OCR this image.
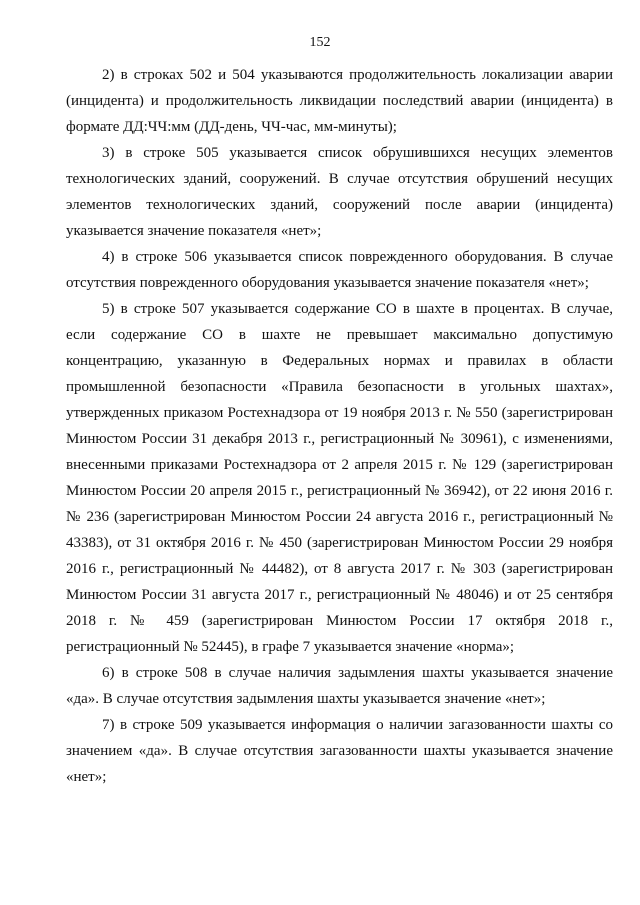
152

2) в строках 502 и 504 указываются продолжительность локализации аварии (инцидента) и продолжительность ликвидации последствий аварии (инцидента) в формате ДД:ЧЧ:мм (ДД-день, ЧЧ-час, мм-минуты);

3) в строке 505 указывается список обрушившихся несущих элементов технологических зданий, сооружений. В случае отсутствия обрушений несущих элементов технологических зданий, сооружений после аварии (инцидента) указывается значение показателя «нет»;

4) в строке 506 указывается список поврежденного оборудования. В случае отсутствия поврежденного оборудования указывается значение показателя «нет»;

5) в строке 507 указывается содержание СО в шахте в процентах. В случае, если содержание СО в шахте не превышает максимально допустимую концентрацию, указанную в Федеральных нормах и правилах в области промышленной безопасности «Правила безопасности в угольных шахтах», утвержденных приказом Ростехнадзора от 19 ноября 2013 г. № 550 (зарегистрирован Минюстом России 31 декабря 2013 г., регистрационный № 30961), с изменениями, внесенными приказами Ростехнадзора от 2 апреля 2015 г. № 129 (зарегистрирован Минюстом России 20 апреля 2015 г., регистрационный № 36942), от 22 июня 2016 г. № 236 (зарегистрирован Минюстом России 24 августа 2016 г., регистрационный № 43383), от 31 октября 2016 г. № 450 (зарегистрирован Минюстом России 29 ноября 2016 г., регистрационный № 44482), от 8 августа 2017 г. № 303 (зарегистрирован Минюстом России 31 августа 2017 г., регистрационный № 48046) и от 25 сентября 2018 г. № 459 (зарегистрирован Минюстом России 17 октября 2018 г., регистрационный № 52445), в графе 7 указывается значение «норма»;

6) в строке 508 в случае наличия задымления шахты указывается значение «да». В случае отсутствия задымления шахты указывается значение «нет»;

7) в строке 509 указывается информация о наличии загазованности шахты со значением «да». В случае отсутствия загазованности шахты указывается значение «нет»;
